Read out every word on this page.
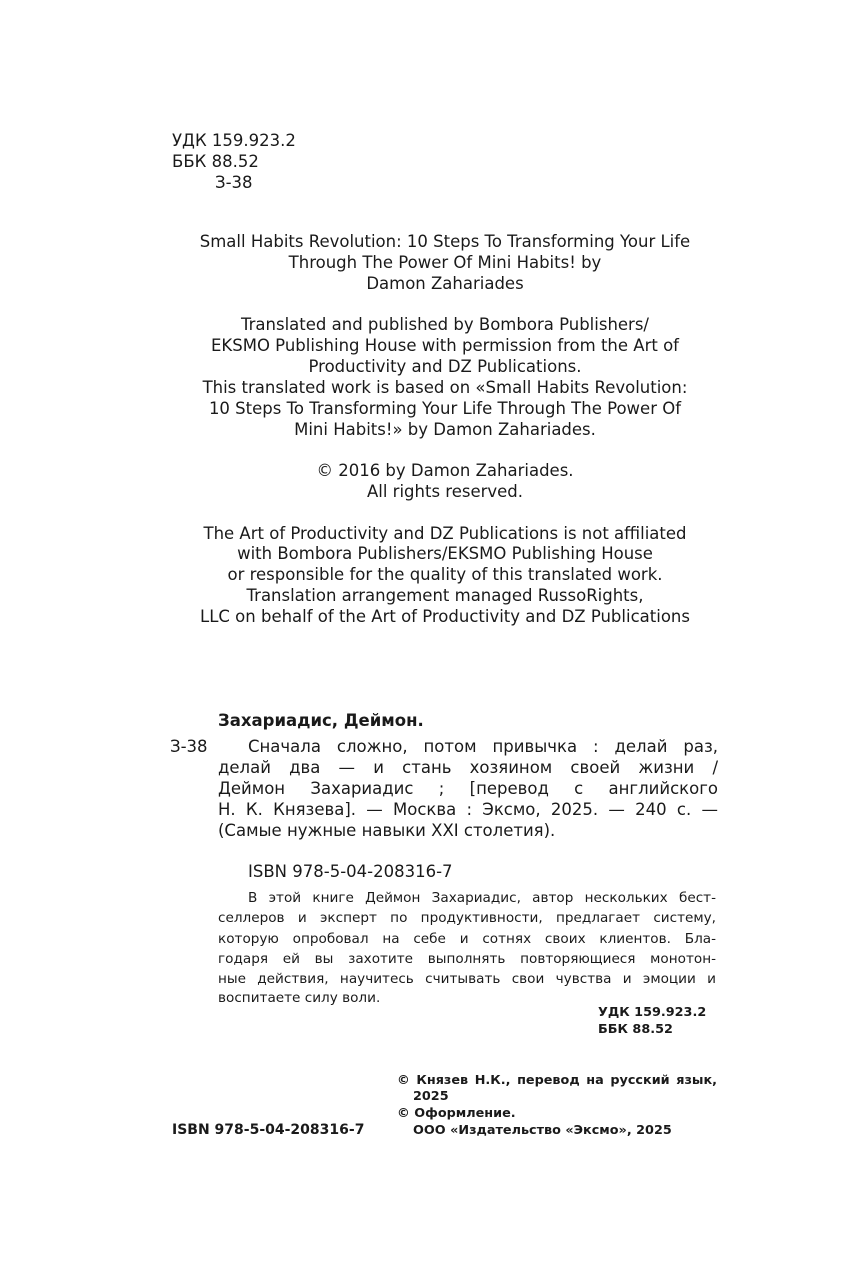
УДК 159.923.2
ББК 88.52
З-38
Small Habits Revolution: 10 Steps To Transforming Your Life
Through The Power Of Mini Habits! by
Damon Zahariades
Translated and published by Bombora Publishers/
EKSMO Publishing House with permission from the Art of
Productivity and DZ Publications.
This translated work is based on «Small Habits Revolution:
10 Steps To Transforming Your Life Through The Power Of
Mini Habits!» by Damon Zahariades.
© 2016 by Damon Zahariades.
All rights reserved.
The Art of Productivity and DZ Publications is not affiliated
with Bombora Publishers/EKSMO Publishing House
or responsible for the quality of this translated work.
Translation arrangement managed RussoRights,
LLC on behalf of the Art of Productivity and DZ Publications
Захариадис, Деймон.
З-38 Сначала сложно, потом привычка : делай раз,
делай два — и стань хозяином своей жизни /
Деймон Захариадис ; [перевод с английского
Н. К. Князева]. — Москва : Эксмо, 2025. — 240 с. —
(Самые нужные навыки XXI столетия).
ISBN 978-5-04-208316-7
В этой книге Деймон Захариадис, автор нескольких бест-
селлеров и эксперт по продуктивности, предлагает систему,
которую опробовал на себе и сотнях своих клиентов. Бла-
годаря ей вы захотите выполнять повторяющиеся монотон-
ные действия, научитесь считывать свои чувства и эмоции и
воспитаете силу воли.
УДК 159.923.2
ББК 88.52
© Князев Н.К., перевод на русский язык,
2025
© Оформление.
ООО «Издательство «Эксмо», 2025
ISBN 978-5-04-208316-7
